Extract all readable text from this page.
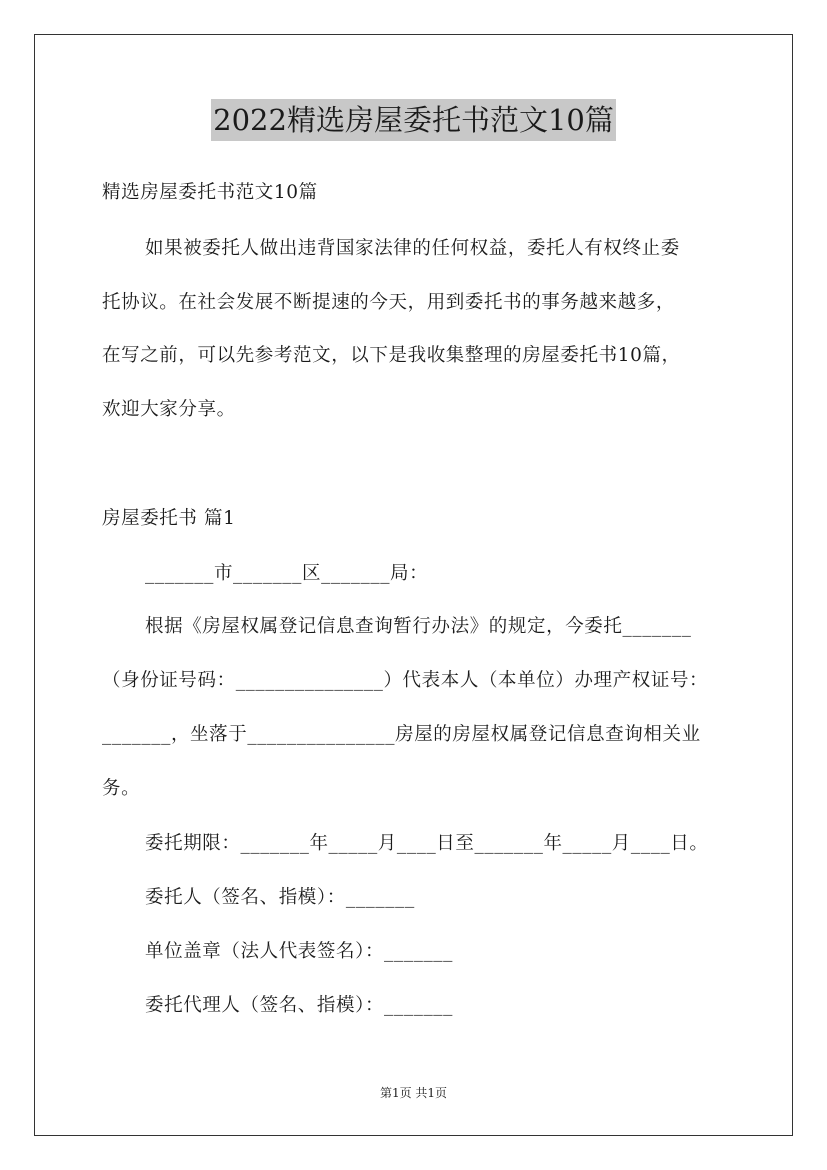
2022精选房屋委托书范文10篇
精选房屋委托书范文10篇
如果被委托人做出违背国家法律的任何权益，委托人有权终止委
托协议。在社会发展不断提速的今天，用到委托书的事务越来越多，
在写之前，可以先参考范文，以下是我收集整理的房屋委托书10篇，
欢迎大家分享。
房屋委托书 篇1
_______市_______区_______局：
根据《房屋权属登记信息查询暂行办法》的规定，今委托_______
（身份证号码：_______________）代表本人（本单位）办理产权证号：
_______，坐落于_______________房屋的房屋权属登记信息查询相关业
务。
委托期限：_______年_____月____日至_______年_____月____日。
委托人（签名、指模）：_______
单位盖章（法人代表签名）：_______
委托代理人（签名、指模）：_______
第1页 共1页
